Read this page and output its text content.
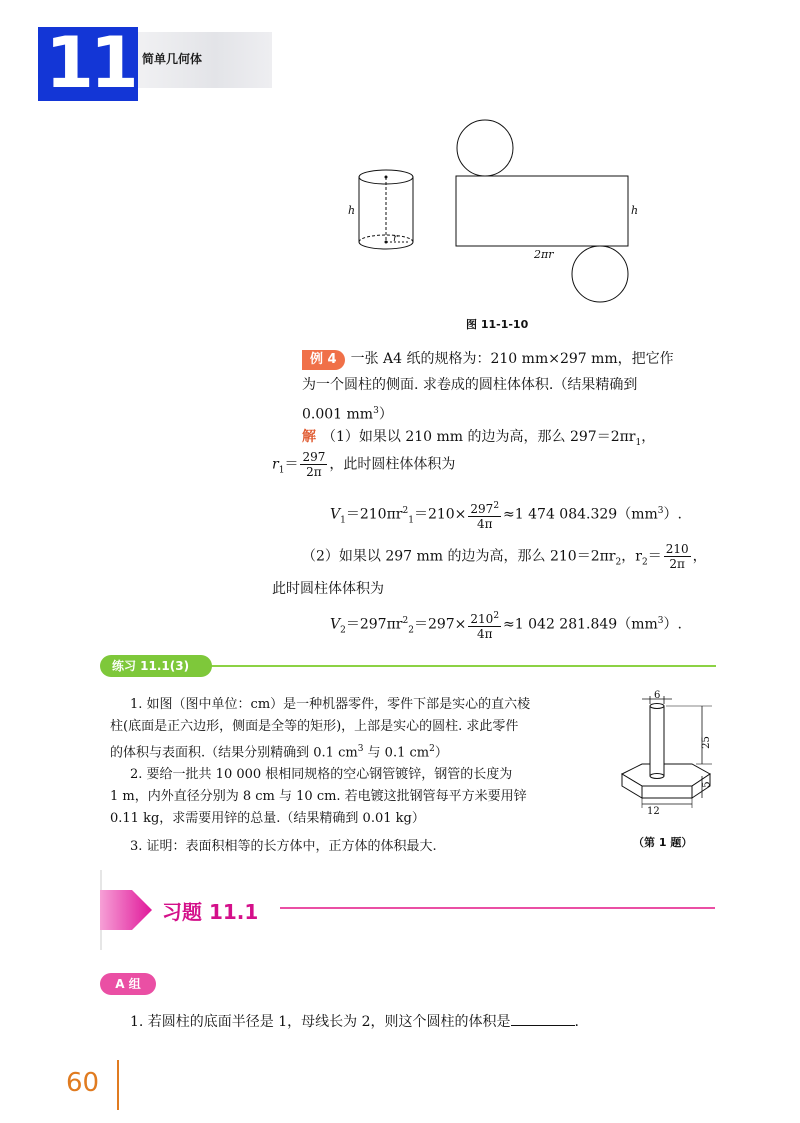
11 简单几何体
h
r
h
2πr
图 11-1-10
例 4 一张 A4 纸的规格为：210 mm×297 mm，把它作
为一个圆柱的侧面. 求卷成的圆柱体体积.（结果精确到
0.001 $mm^3$）
解 （1）如果以 210 mm 的边为高，那么 $297=2\pi r_1$，
$r_1= \frac{297}{2\pi}$ ，此时圆柱体体积为
$V_1=210\pi r^2_1=210\times \frac{297^2}{4\pi} \approx 1$ 474 $084.329(mm^3)$.
（2）如果以 297 mm 的边为高，那么 $210=2\pi r_2$，$r_2= \frac{210}{2\pi}$ ，
此时圆柱体体积为
$V_2=297\pi r^2_2=297\times \frac{210^2}{4\pi} \approx 1$ 042 $281.849(mm^3)$.
练习 11.1(3)
1. 如图（图中单位：cm）是一种机器零件，零件下部是实心的直六棱
柱(底面是正六边形，侧面是全等的矩形)，上部是实心的圆柱. 求此零件
的体积与表面积.（结果分别精确到 0.1 $cm^3$ 与 0.1 $cm^2$）
2. 要给一批共 10 000 根相同规格的空心钢管镀锌，钢管的长度为
1 m，内外直径分别为 8 cm 与 10 cm. 若电镀这批钢管每平方米要用锌
0.11 kg，求需要用锌的总量.（结果精确到 0.01 kg）
3. 证明：表面积相等的长方体中，正方体的体积最大.
6
25
5
12
（第 1 题）
习题 11.1
A 组
1. 若圆柱的底面半径是 1，母线长为 2，则这个圆柱的体积是	.
60
